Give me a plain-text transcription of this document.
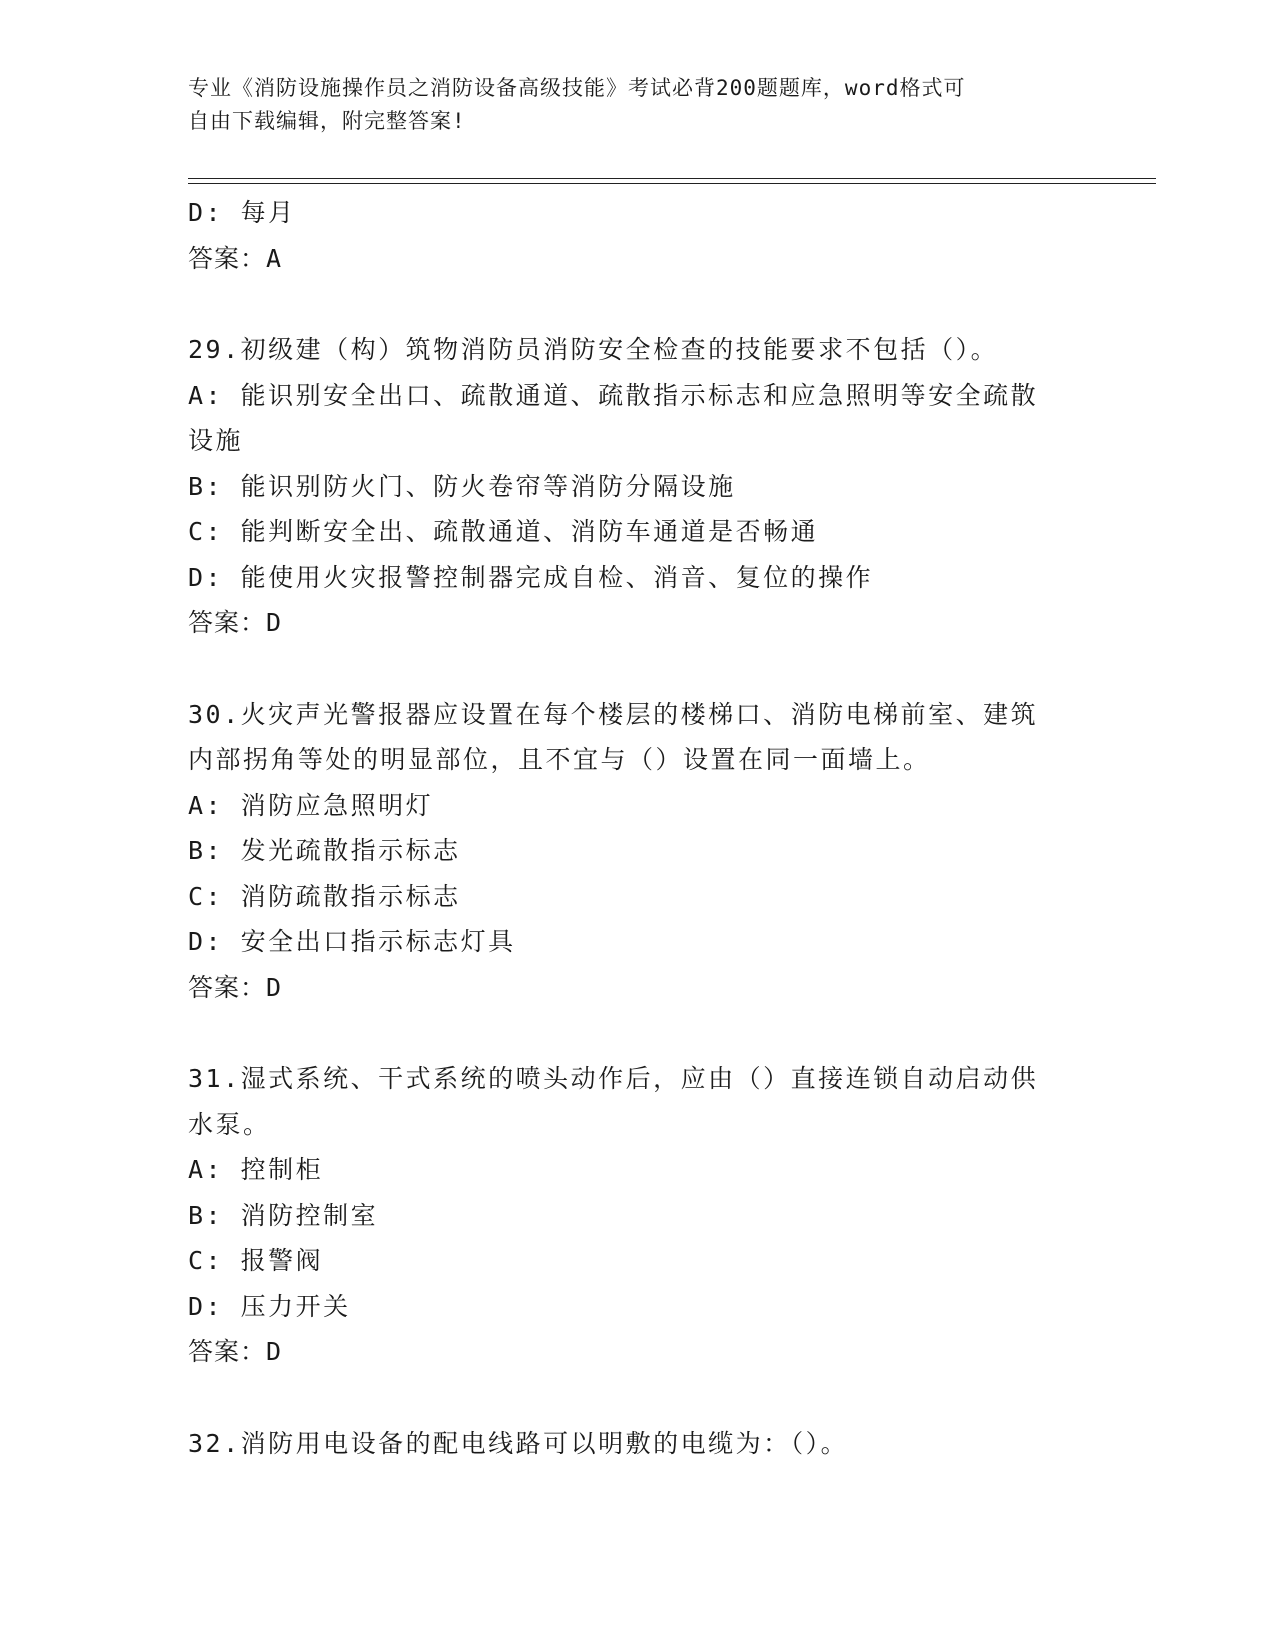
专业《消防设施操作员之消防设备高级技能》考试必背200题题库，word格式可
自由下载编辑，附完整答案!
D: 每月
答案：A
29.初级建（构）筑物消防员消防安全检查的技能要求不包括（）。
A: 能识别安全出口、疏散通道、疏散指示标志和应急照明等安全疏散设施
B: 能识别防火门、防火卷帘等消防分隔设施
C: 能判断安全出、疏散通道、消防车通道是否畅通
D: 能使用火灾报警控制器完成自检、消音、复位的操作
答案：D
30.火灾声光警报器应设置在每个楼层的楼梯口、消防电梯前室、建筑内部拐角等处的明显部位，且不宜与（）设置在同一面墙上。
A: 消防应急照明灯
B: 发光疏散指示标志
C: 消防疏散指示标志
D: 安全出口指示标志灯具
答案：D
31.湿式系统、干式系统的喷头动作后，应由（）直接连锁自动启动供水泵。
A: 控制柜
B: 消防控制室
C: 报警阀
D: 压力开关
答案：D
32.消防用电设备的配电线路可以明敷的电缆为：（）。
